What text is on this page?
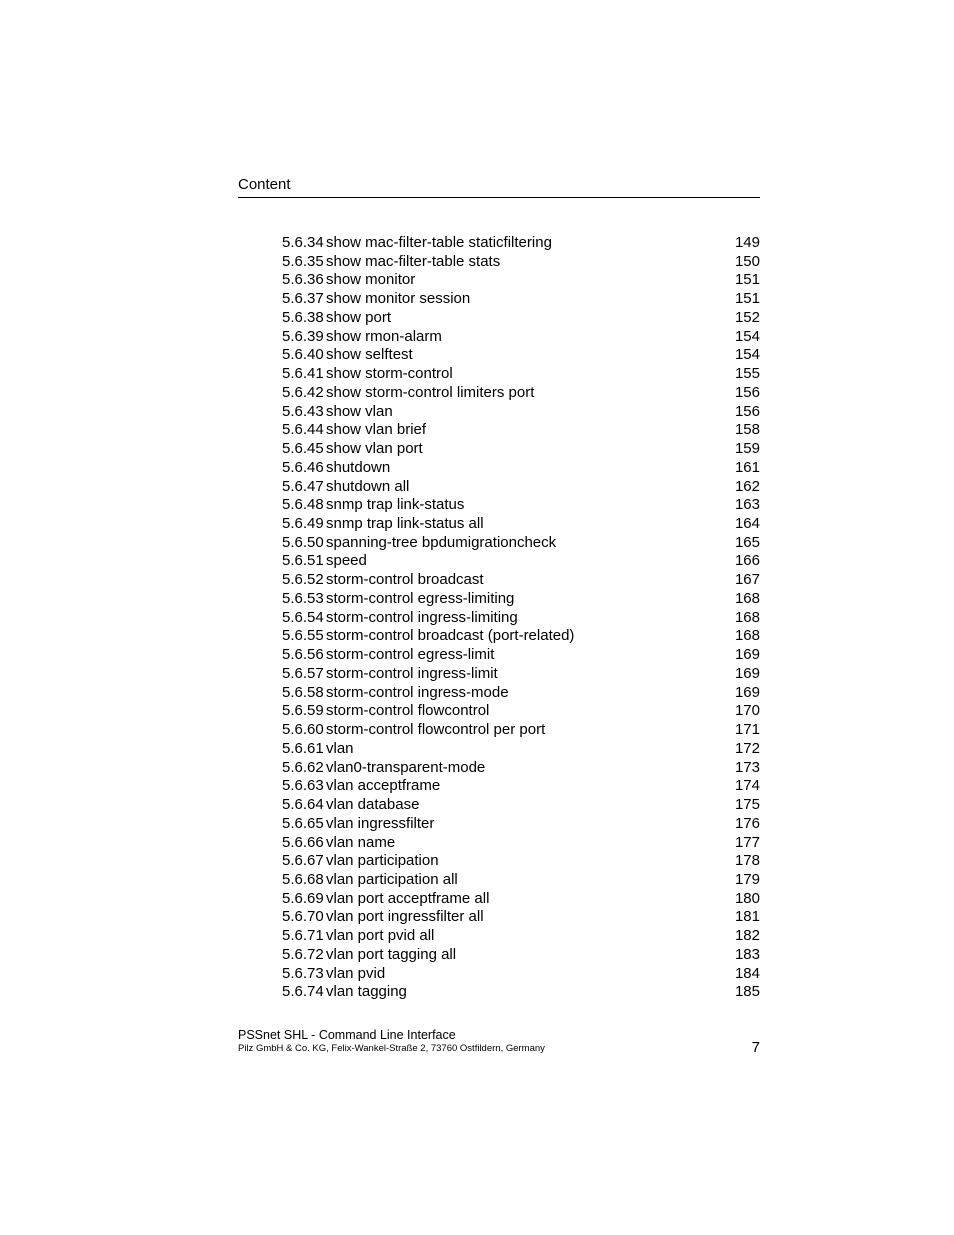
Content
5.6.34 show mac-filter-table staticfiltering	149
5.6.35 show mac-filter-table stats	150
5.6.36 show monitor	151
5.6.37 show monitor session	151
5.6.38 show port	152
5.6.39 show rmon-alarm	154
5.6.40 show selftest	154
5.6.41 show storm-control	155
5.6.42 show storm-control limiters port	156
5.6.43 show vlan	156
5.6.44 show vlan brief	158
5.6.45 show vlan port	159
5.6.46 shutdown	161
5.6.47 shutdown all	162
5.6.48 snmp trap link-status	163
5.6.49 snmp trap link-status all	164
5.6.50 spanning-tree bpdumigrationcheck	165
5.6.51 speed	166
5.6.52 storm-control broadcast	167
5.6.53 storm-control egress-limiting	168
5.6.54 storm-control ingress-limiting	168
5.6.55 storm-control broadcast (port-related)	168
5.6.56 storm-control egress-limit	169
5.6.57 storm-control ingress-limit	169
5.6.58 storm-control ingress-mode	169
5.6.59 storm-control flowcontrol	170
5.6.60 storm-control flowcontrol per port	171
5.6.61 vlan	172
5.6.62 vlan0-transparent-mode	173
5.6.63 vlan acceptframe	174
5.6.64 vlan database	175
5.6.65 vlan ingressfilter	176
5.6.66 vlan name	177
5.6.67 vlan participation	178
5.6.68 vlan participation all	179
5.6.69 vlan port acceptframe all	180
5.6.70 vlan port ingressfilter all	181
5.6.71 vlan port pvid all	182
5.6.72 vlan port tagging all	183
5.6.73 vlan pvid	184
5.6.74 vlan tagging	185
PSSnet SHL - Command Line Interface
Pilz GmbH & Co. KG, Felix-Wankel-Straße 2, 73760 Ostfildern, Germany	7
